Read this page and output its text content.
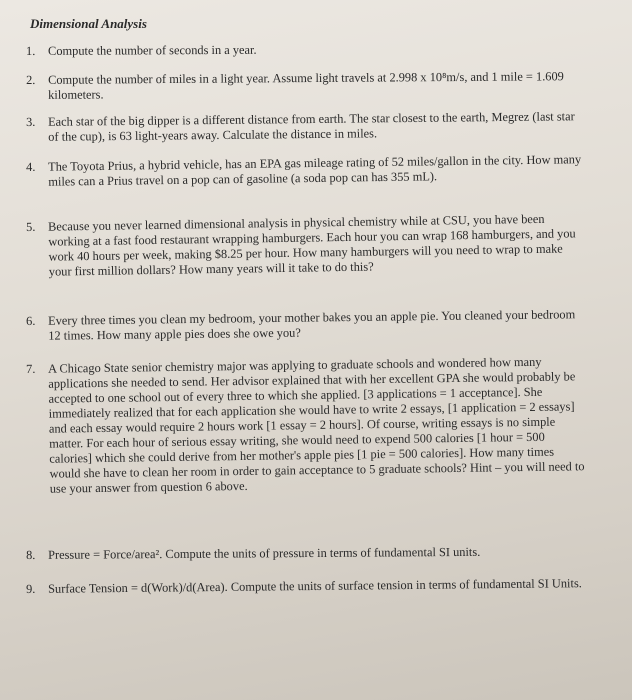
Dimensional Analysis
1.	Compute the number of seconds in a year.
2.	Compute the number of miles in a light year. Assume light travels at 2.998 x 10⁸m/s, and 1 mile = 1.609 kilometers.
3.	Each star of the big dipper is a different distance from earth. The star closest to the earth, Megrez (last star of the cup), is 63 light-years away. Calculate the distance in miles.
4.	The Toyota Prius, a hybrid vehicle, has an EPA gas mileage rating of 52 miles/gallon in the city. How many miles can a Prius travel on a pop can of gasoline (a soda pop can has 355 mL).
5.	Because you never learned dimensional analysis in physical chemistry while at CSU, you have been working at a fast food restaurant wrapping hamburgers. Each hour you can wrap 168 hamburgers, and you work 40 hours per week, making $8.25 per hour. How many hamburgers will you need to wrap to make your first million dollars? How many years will it take to do this?
6.	Every three times you clean my bedroom, your mother bakes you an apple pie. You cleaned your bedroom 12 times. How many apple pies does she owe you?
7.	A Chicago State senior chemistry major was applying to graduate schools and wondered how many applications she needed to send. Her advisor explained that with her excellent GPA she would probably be accepted to one school out of every three to which she applied. [3 applications = 1 acceptance]. She immediately realized that for each application she would have to write 2 essays, [1 application = 2 essays] and each essay would require 2 hours work [1 essay = 2 hours]. Of course, writing essays is no simple matter. For each hour of serious essay writing, she would need to expend 500 calories [1 hour = 500 calories] which she could derive from her mother's apple pies [1 pie = 500 calories]. How many times would she have to clean her room in order to gain acceptance to 5 graduate schools? Hint – you will need to use your answer from question 6 above.
8.	Pressure = Force/area². Compute the units of pressure in terms of fundamental SI units.
9.	Surface Tension = d(Work)/d(Area). Compute the units of surface tension in terms of fundamental SI Units.
